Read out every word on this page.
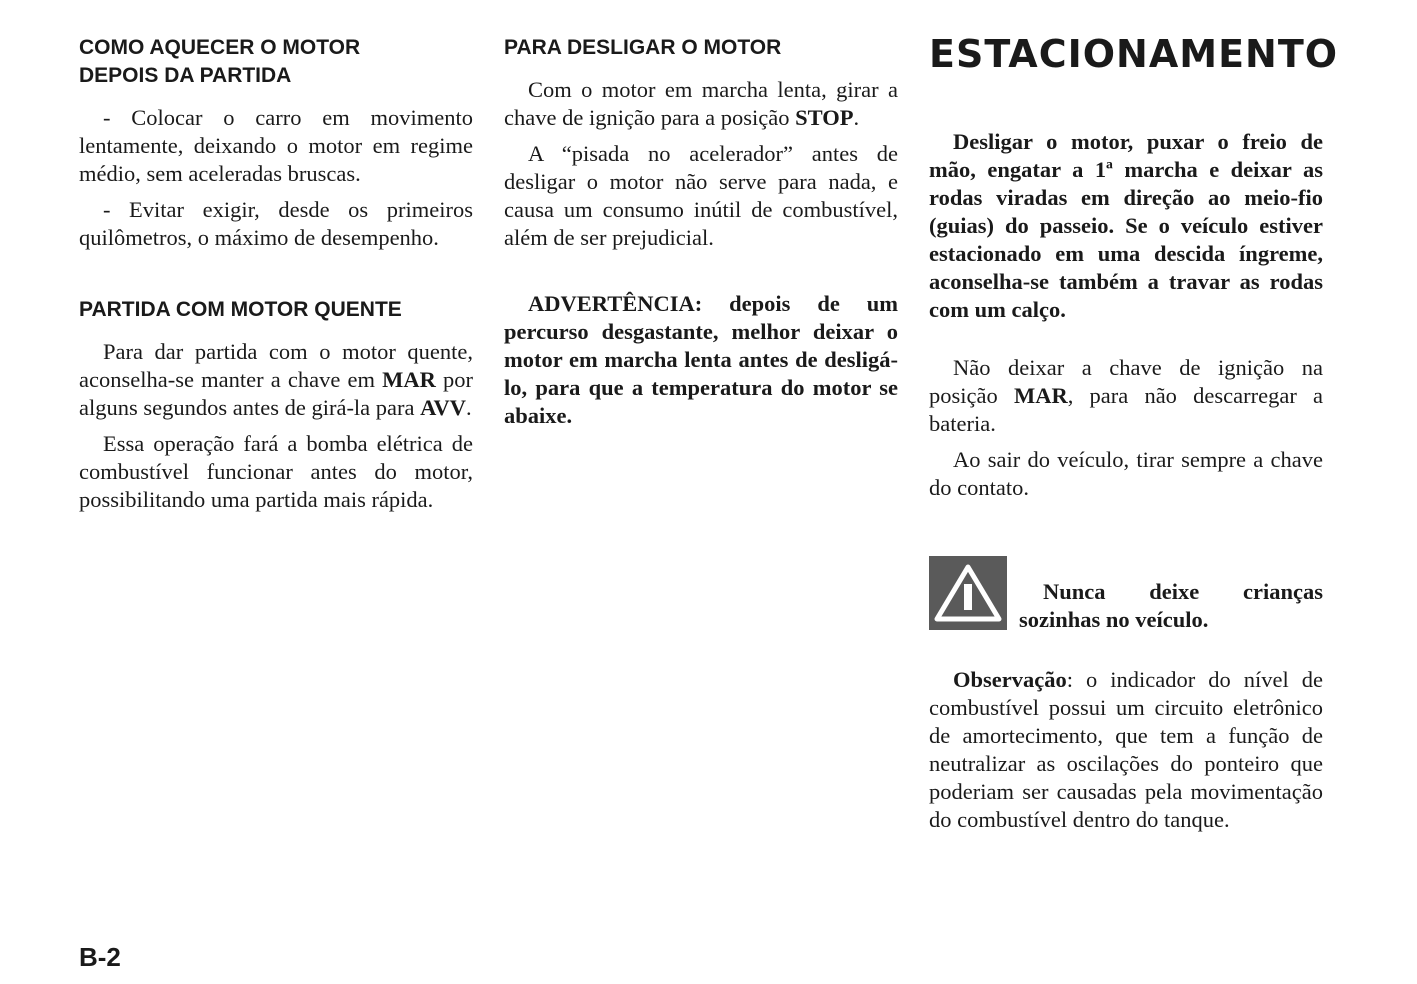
COMO AQUECER O MOTOR
DEPOIS DA PARTIDA

- Colocar o carro em movimento lentamente, deixando o motor em regime médio, sem aceleradas bruscas.

- Evitar exigir, desde os primeiros quilômetros, o máximo de desempenho.

PARTIDA COM MOTOR QUENTE

Para dar partida com o motor quente, aconselha-se manter a chave em MAR por alguns segundos antes de girá-la para AVV.

Essa operação fará a bomba elétrica de combustível funcionar antes do motor, possibilitando uma partida mais rápida.

PARA DESLIGAR O MOTOR

Com o motor em marcha lenta, girar a chave de ignição para a posição STOP.

A “pisada no acelerador” antes de desligar o motor não serve para nada, e causa um consumo inútil de combustível, além de ser prejudicial.

ADVERTÊNCIA: depois de um percurso desgastante, melhor deixar o motor em marcha lenta antes de desligá-lo, para que a temperatura do motor se abaixe.

ESTACIONAMENTO

Desligar o motor, puxar o freio de mão, engatar a 1ª marcha e deixar as rodas viradas em direção ao meio-fio (guias) do passeio. Se o veículo estiver estacionado em uma descida íngreme, aconselha-se também a travar as rodas com um calço.

Não deixar a chave de ignição na posição MAR, para não descarregar a bateria.

Ao sair do veículo, tirar sempre a chave do contato.

Nunca deixe crianças sozinhas no veículo.

Observação: o indicador do nível de combustível possui um circuito eletrônico de amortecimento, que tem a função de neutralizar as oscilações do ponteiro que poderiam ser causadas pela movimentação do combustível dentro do tanque.

B-2
